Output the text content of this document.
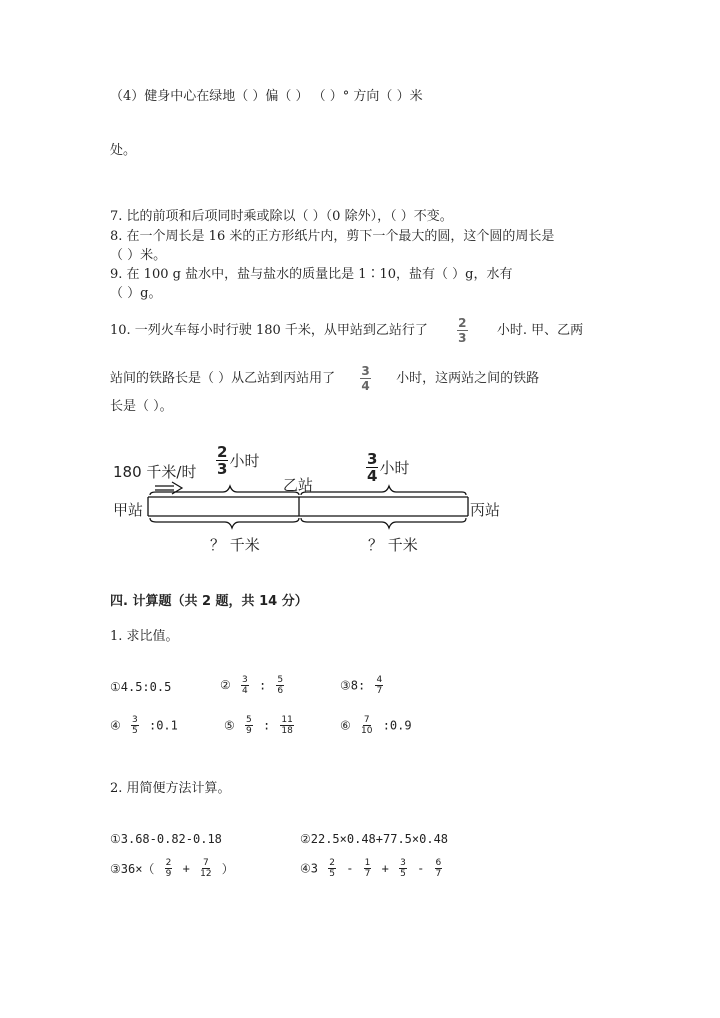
（4）健身中心在绿地（ ）偏（ ） （ ）° 方向（ ）米
处。
7. 比的前项和后项同时乘或除以（ ）（0 除外），（ ）不变。
8. 在一个周长是 16 米的正方形纸片内，剪下一个最大的圆，这个圆的周长是
（ ）米。
9. 在 100 g 盐水中，盐与盐水的质量比是 1∶10，盐有（ ）g，水有
（ ）g。
10. 一列火车每小时行驶 180 千米，从甲站到乙站行了 $\frac{2}{3}$ 小时. 甲、乙两
站间的铁路长是（ ）从乙站到丙站用了 $\frac{3}{4}$ 小时，这两站之间的铁路
长是（ ）。
180 千米/时 $\frac{2}{3}$ 小时	$\frac{3}{4}$ 小时
甲站
乙站
丙站
？ 千米	？ 千米
四. 计算题（共 2 题，共 14 分）
1. 求比值。
①4.5:0.5	② $\frac{3}{4}$ : $\frac{5}{6}$	③8: $\frac{4}{7}$
④ $\frac{3}{5}$ :0.1	⑤ $\frac{5}{9}$ : $\frac{11}{18}$	⑥ $\frac{7}{10}$ :0.9
2. 用简便方法计算。
①3.68-0.82-0.18	②22.5×0.48+77.5×0.48
③36×（ $\frac{2}{9} + \frac{7}{12}$ ）	④3 $\frac{2}{5} - \frac{1}{7} + \frac{3}{5} - \frac{6}{7}$
